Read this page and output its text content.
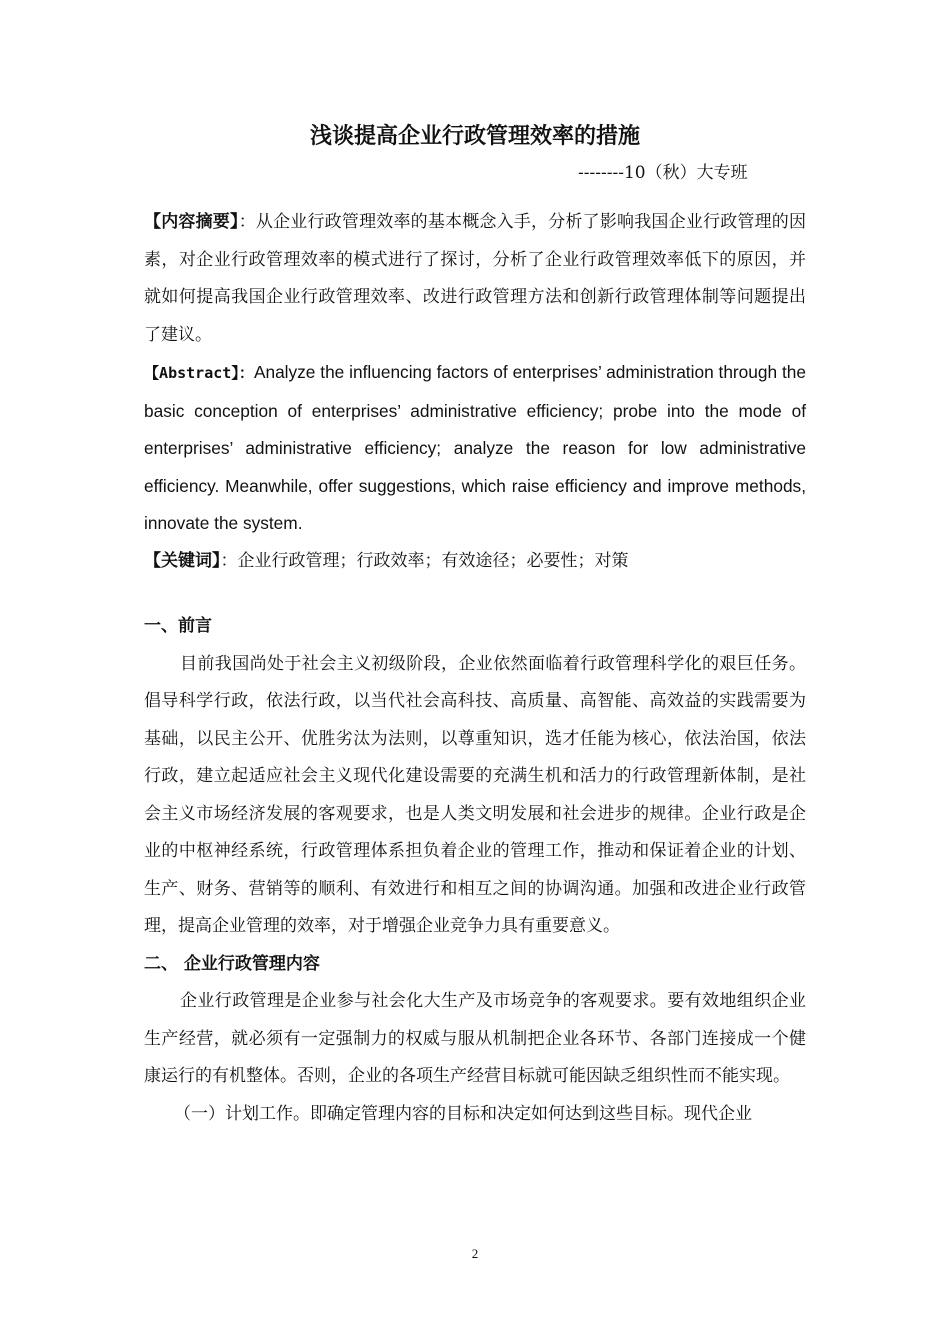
浅谈提高企业行政管理效率的措施
--------10（秋）大专班

【内容摘要】：从企业行政管理效率的基本概念入手，分析了影响我国企业行政管理的因素，对企业行政管理效率的模式进行了探讨，分析了企业行政管理效率低下的原因，并就如何提高我国企业行政管理效率、改进行政管理方法和创新行政管理体制等问题提出了建议。

【Abstract】：Analyze the influencing factors of enterprises’ administration through the basic conception of enterprises’ administrative efficiency; probe into the mode of enterprises’ administrative efficiency; analyze the reason for low administrative efficiency. Meanwhile, offer suggestions, which raise efficiency and improve methods, innovate the system.

【关键词】：企业行政管理；行政效率；有效途径；必要性；对策

一、前言

目前我国尚处于社会主义初级阶段，企业依然面临着行政管理科学化的艰巨任务。倡导科学行政，依法行政，以当代社会高科技、高质量、高智能、高效益的实践需要为基础，以民主公开、优胜劣汰为法则，以尊重知识，选才任能为核心，依法治国，依法行政，建立起适应社会主义现代化建设需要的充满生机和活力的行政管理新体制，是社会主义市场经济发展的客观要求，也是人类文明发展和社会进步的规律。企业行政是企业的中枢神经系统，行政管理体系担负着企业的管理工作，推动和保证着企业的计划、生产、财务、营销等的顺利、有效进行和相互之间的协调沟通。加强和改进企业行政管理，提高企业管理的效率，对于增强企业竞争力具有重要意义。

二、 企业行政管理内容

企业行政管理是企业参与社会化大生产及市场竞争的客观要求。要有效地组织企业生产经营，就必须有一定强制力的权威与服从机制把企业各环节、各部门连接成一个健康运行的有机整体。否则，企业的各项生产经营目标就可能因缺乏组织性而不能实现。

（一）计划工作。即确定管理内容的目标和决定如何达到这些目标。现代企业

2
